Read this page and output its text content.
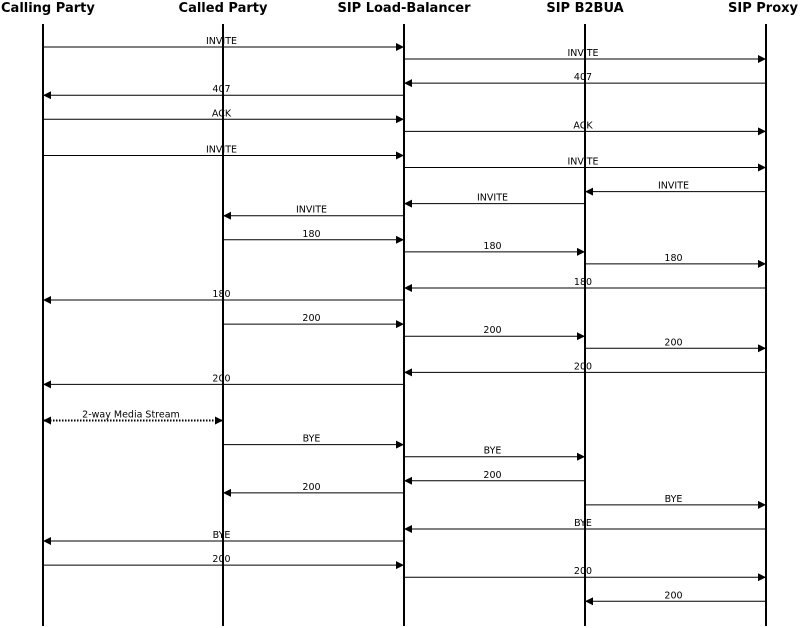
Calling Party	Called Party	SIP Load-Balancer	SIP B2BUA	SIP Proxy
INVITE
INVITE
407
407
ACK
ACK
INVITE
INVITE
INVITE
INVITE
INVITE
180
180
180
180
180
200
200
200
200
200
2-way Media Stream
BYE
BYE
200
200
BYE
BYE
BYE
200
200
200
